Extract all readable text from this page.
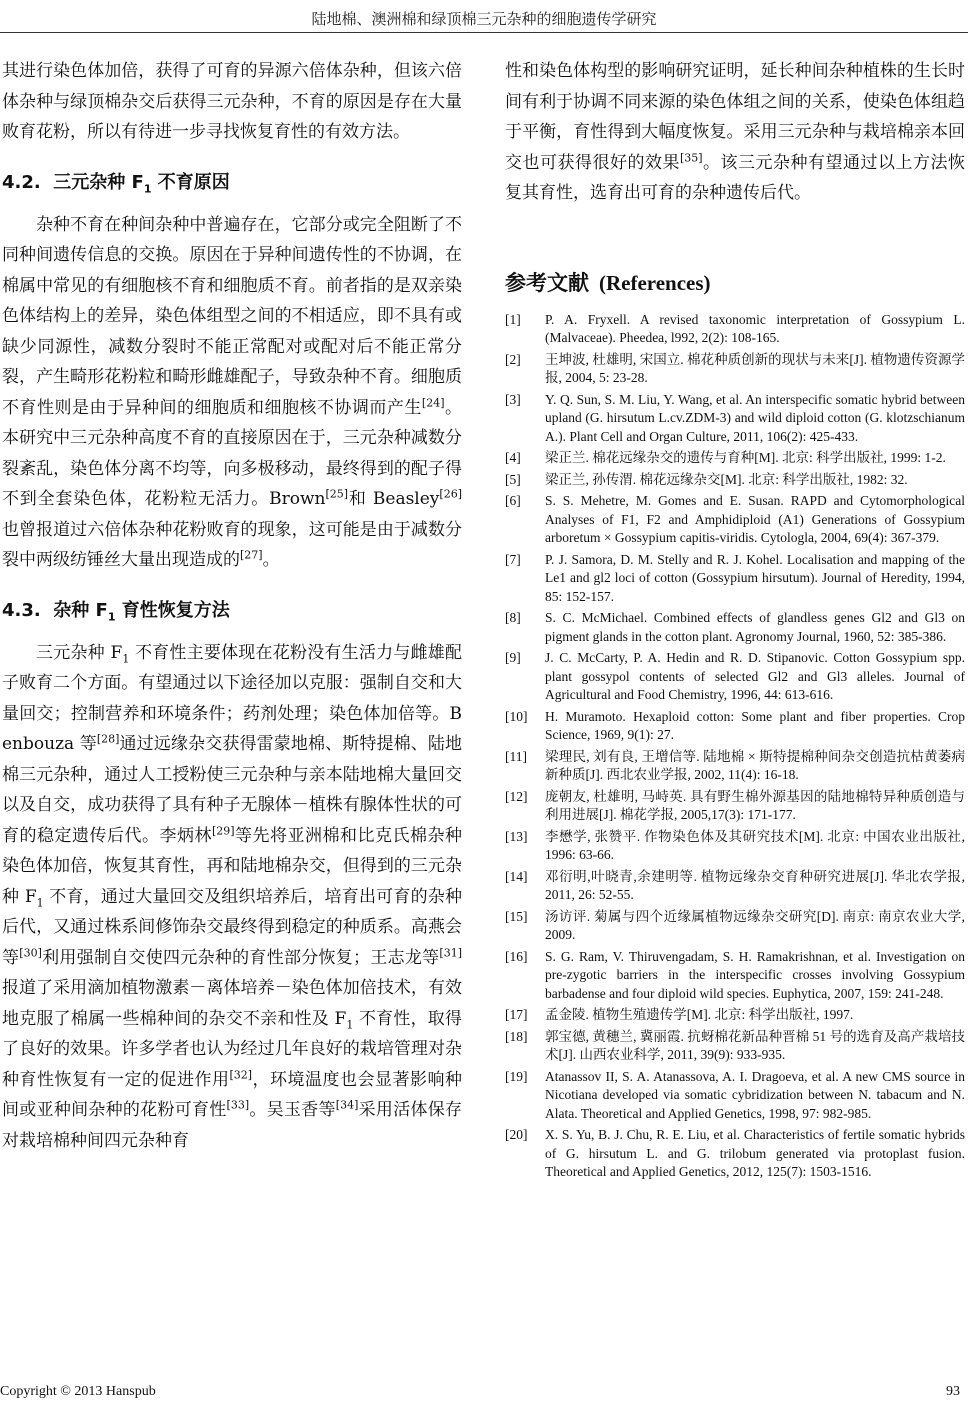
陆地棉、澳洲棉和绿顶棉三元杂种的细胞遗传学研究

其进行染色体加倍，获得了可育的异源六倍体杂种，但该六倍体杂种与绿顶棉杂交后获得三元杂种，不育的原因是存在大量败育花粉，所以有待进一步寻找恢复育性的有效方法。

4.2. 三元杂种 $F_1$ 不育原因

杂种不育在种间杂种中普遍存在，它部分或完全阻断了不同种间遗传信息的交换。原因在于异种间遗传性的不协调，在棉属中常见的有细胞核不育和细胞质不育。前者指的是双亲染色体结构上的差异，染色体组型之间的不相适应，即不具有或缺少同源性，减数分裂时不能正常配对或配对后不能正常分裂，产生畸形花粉粒和畸形雌雄配子，导致杂种不育。细胞质不育性则是由于异种间的细胞质和细胞核不协调而产生[24]。本研究中三元杂种高度不育的直接原因在于，三元杂种减数分裂紊乱，染色体分离不均等，向多极移动，最终得到的配子得不到全套染色体，花粉粒无活力。Brown[25]和 Beasley[26]也曾报道过六倍体杂种花粉败育的现象，这可能是由于减数分裂中两级纺锤丝大量出现造成的[27]。

4.3. 杂种 $F_1$ 育性恢复方法

三元杂种 $F_1$ 不育性主要体现在花粉没有生活力与雌雄配子败育二个方面。有望通过以下途径加以克服：强制自交和大量回交；控制营养和环境条件；药剂处理；染色体加倍等。Benbouza 等[28]通过远缘杂交获得雷蒙地棉、斯特提棉、陆地棉三元杂种，通过人工授粉使三元杂种与亲本陆地棉大量回交以及自交，成功获得了具有种子无腺体－植株有腺体性状的可育的稳定遗传后代。李炳林[29]等先将亚洲棉和比克氏棉杂种染色体加倍，恢复其育性，再和陆地棉杂交，但得到的三元杂种 $F_1$ 不育，通过大量回交及组织培养后，培育出可育的杂种后代，又通过株系间修饰杂交最终得到稳定的种质系。高燕会等[30]利用强制自交使四元杂种的育性部分恢复；王志龙等[31]报道了采用滴加植物激素－离体培养－染色体加倍技术，有效地克服了棉属一些棉种间的杂交不亲和性及 $F_1$ 不育性，取得了良好的效果。许多学者也认为经过几年良好的栽培管理对杂种育性恢复有一定的促进作用[32]，环境温度也会显著影响种间或亚种间杂种的花粉可育性[33]。吴玉香等[34]采用活体保存对栽培棉种间四元杂种育

性和染色体构型的影响研究证明，延长种间杂种植株的生长时间有利于协调不同来源的染色体组之间的关系，使染色体组趋于平衡，育性得到大幅度恢复。采用三元杂种与栽培棉亲本回交也可获得很好的效果[35]。该三元杂种有望通过以上方法恢复其育性，选育出可育的杂种遗传后代。

参考文献 (References)
[1]	P. A. Fryxell. A revised taxonomic interpretation of Gossypium L. (Malvaceae). Pheedea, l992, 2(2): 108-165.
[2]	王坤波, 杜雄明, 宋国立. 棉花种质创新的现状与未来[J]. 植物遗传资源学报, 2004, 5: 23-28.
[3]	Y. Q. Sun, S. M. Liu, Y. Wang, et al. An interspecific somatic hybrid between upland (G. hirsutum L.cv.ZDM-3) and wild diploid cotton (G. klotzschianum A.). Plant Cell and Organ Culture, 2011, 106(2): 425-433.
[4]	梁正兰. 棉花远缘杂交的遗传与育种[M]. 北京: 科学出版社, 1999: 1-2.
[5]	梁正兰, 孙传渭. 棉花远缘杂交[M]. 北京: 科学出版社, 1982: 32.
[6]	S. S. Mehetre, M. Gomes and E. Susan. RAPD and Cytomorphological Analyses of F1, F2 and Amphidiploid (A1) Generations of Gossypium arboretum × Gossypium capitis-viridis. Cytologla, 2004, 69(4): 367-379.
[7]	P. J. Samora, D. M. Stelly and R. J. Kohel. Localisation and mapping of the Le1 and gl2 loci of cotton (Gossypium hirsutum). Journal of Heredity, 1994, 85: 152-157.
[8]	S. C. McMichael. Combined effects of glandless genes Gl2 and Gl3 on pigment glands in the cotton plant. Agronomy Journal, 1960, 52: 385-386.
[9]	J. C. McCarty, P. A. Hedin and R. D. Stipanovic. Cotton Gossypium spp. plant gossypol contents of selected Gl2 and Gl3 alleles. Journal of Agricultural and Food Chemistry, 1996, 44: 613-616.
[10]	H. Muramoto. Hexaploid cotton: Some plant and fiber properties. Crop Science, 1969, 9(1): 27.
[11]	梁理民, 刘有良, 王增信等. 陆地棉 × 斯特提棉种间杂交创造抗枯黄萎病新种质[J]. 西北农业学报, 2002, 11(4): 16-18.
[12]	庞朝友, 杜雄明, 马峙英. 具有野生棉外源基因的陆地棉特异种质创造与利用进展[J]. 棉花学报, 2005,17(3): 171-177.
[13]	李懋学, 张赞平. 作物染色体及其研究技术[M]. 北京: 中国农业出版社, 1996: 63-66.
[14]	邓衍明,叶晓青,余建明等. 植物远缘杂交育种研究进展[J]. 华北农学报, 2011, 26: 52-55.
[15]	汤访评. 菊属与四个近缘属植物远缘杂交研究[D]. 南京: 南京农业大学, 2009.
[16]	S. G. Ram, V. Thiruvengadam, S. H. Ramakrishnan, et al. Investigation on pre-zygotic barriers in the interspecific crosses involving Gossypium barbadense and four diploid wild species. Euphytica, 2007, 159: 241-248.
[17]	孟金陵. 植物生殖遗传学[M]. 北京: 科学出版社, 1997.
[18]	郭宝德, 黄穗兰, 冀丽霞. 抗蚜棉花新品种晋棉 51 号的选育及高产栽培技术[J]. 山西农业科学, 2011, 39(9): 933-935.
[19]	Atanassov II, S. A. Atanassova, A. I. Dragoeva, et al. A new CMS source in Nicotiana developed via somatic cybridization between N. tabacum and N. Alata. Theoretical and Applied Genetics, 1998, 97: 982-985.
[20]	X. S. Yu, B. J. Chu, R. E. Liu, et al. Characteristics of fertile somatic hybrids of G. hirsutum L. and G. trilobum generated via protoplast fusion. Theoretical and Applied Genetics, 2012, 125(7): 1503-1516.
Copyright © 2013 Hanspub	93
